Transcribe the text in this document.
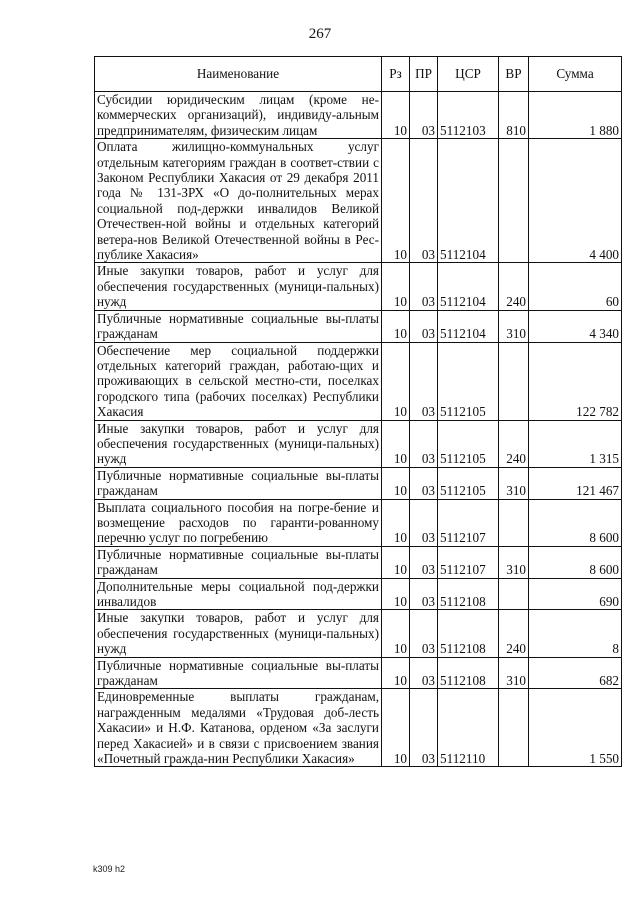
267
Наименование	Рз	ПР	ЦСР	ВР	Сумма
Субсидии юридическим лицам (кроме не-коммерческих организаций), индивиду-альным предпринимателям, физическим лицам	10	03	5112103	810	1 880
Оплата жилищно-коммунальных услуг отдельным категориям граждан в соответ-ствии с Законом Республики Хакасия от 29 декабря 2011 года № 131-ЗРХ «О до-полнительных мерах социальной под-держки инвалидов Великой Отечествен-ной войны и отдельных категорий ветера-нов Великой Отечественной войны в Рес-публике Хакасия»	10	03	5112104		4 400
Иные закупки товаров, работ и услуг для обеспечения государственных (муници-пальных) нужд	10	03	5112104	240	60
Публичные нормативные социальные вы-платы гражданам	10	03	5112104	310	4 340
Обеспечение мер социальной поддержки отдельных категорий граждан, работаю-щих и проживающих в сельской местно-сти, поселках городского типа (рабочих поселках) Республики Хакасия	10	03	5112105		122 782
Иные закупки товаров, работ и услуг для обеспечения государственных (муници-пальных) нужд	10	03	5112105	240	1 315
Публичные нормативные социальные вы-платы гражданам	10	03	5112105	310	121 467
Выплата социального пособия на погре-бение и возмещение расходов по гаранти-рованному перечню услуг по погребению	10	03	5112107		8 600
Публичные нормативные социальные вы-платы гражданам	10	03	5112107	310	8 600
Дополнительные меры социальной под-держки инвалидов	10	03	5112108		690
Иные закупки товаров, работ и услуг для обеспечения государственных (муници-пальных) нужд	10	03	5112108	240	8
Публичные нормативные социальные вы-платы гражданам	10	03	5112108	310	682
Единовременные выплаты гражданам, награжденным медалями «Трудовая доб-лесть Хакасии» и Н.Ф. Катанова, орденом «За заслуги перед Хакасией» и в связи с присвоением звания «Почетный гражда-нин Республики Хакасия»	10	03	5112110		1 550
k309 h2
